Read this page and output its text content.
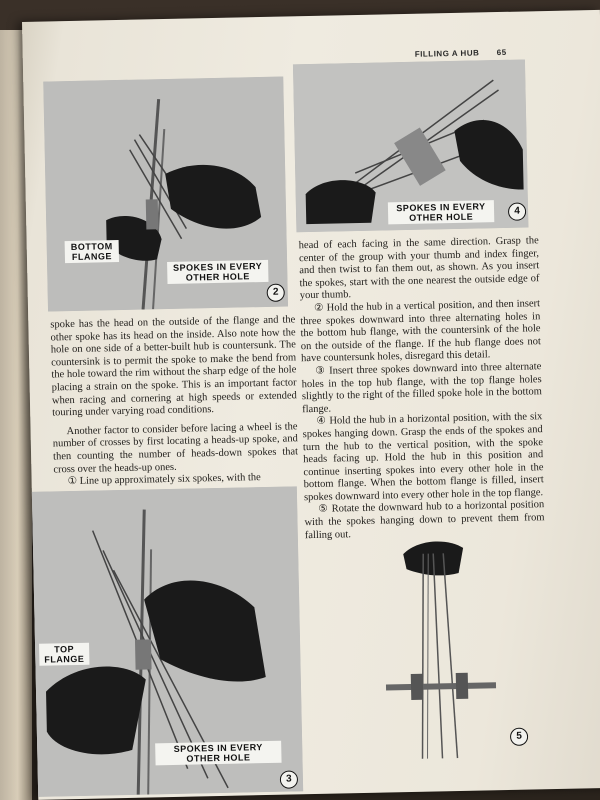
FILLING A HUB 65
BOTTOM FLANGE
SPOKES IN EVERY OTHER HOLE
2
SPOKES IN EVERY OTHER HOLE
4

spoke has the head on the outside of the flange and the other spoke has its head on the inside. Also note how the hole on one side of a better-built hub is countersunk. The countersink is to permit the spoke to make the bend from the hole toward the rim without the sharp edge of the hole placing a strain on the spoke. This is an important factor when racing and cornering at high speeds or extended touring under varying road conditions.

Another factor to consider before lacing a wheel is the number of crosses by first locating a heads-up spoke, and then counting the number of heads-down spokes that cross over the heads-up ones.

① Line up approximately six spokes, with the

TOP FLANGE
SPOKES IN EVERY OTHER HOLE
3

head of each facing in the same direction. Grasp the center of the group with your thumb and index finger, and then twist to fan them out, as shown. As you insert the spokes, start with the one nearest the outside edge of your thumb.

② Hold the hub in a vertical position, and then insert three spokes downward into three alternating holes in the bottom hub flange, with the countersink of the hole on the outside of the flange. If the hub flange does not have countersunk holes, disregard this detail.

③ Insert three spokes downward into three alternate holes in the top hub flange, with the top flange holes slightly to the right of the filled spoke hole in the bottom flange.

④ Hold the hub in a horizontal position, with the six spokes hanging down. Grasp the ends of the spokes and turn the hub to the vertical position, with the spoke heads facing up. Hold the hub in this position and continue inserting spokes into every other hole in the bottom flange. When the bottom flange is filled, insert spokes downward into every other hole in the top flange.

⑤ Rotate the downward hub to a horizontal position with the spokes hanging down to prevent them from falling out.

5
